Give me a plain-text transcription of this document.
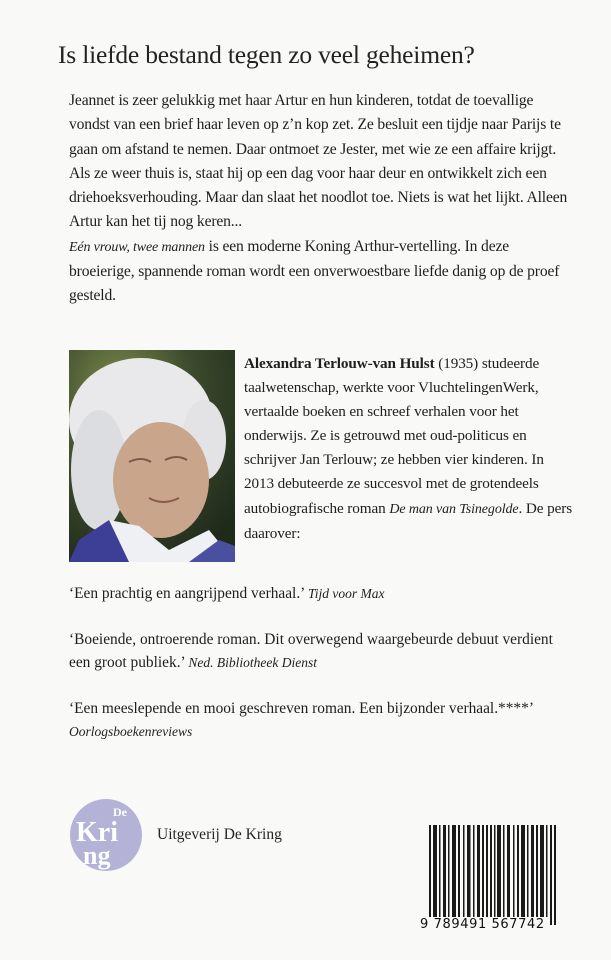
Is liefde bestand tegen zo veel geheimen?

Jeannet is zeer gelukkig met haar Artur en hun kinderen, totdat de toevallige vondst van een brief haar leven op z’n kop zet. Ze besluit een tijdje naar Parijs te gaan om afstand te nemen. Daar ontmoet ze Jester, met wie ze een affaire krijgt. Als ze weer thuis is, staat hij op een dag voor haar deur en ontwikkelt zich een driehoeksverhouding. Maar dan slaat het noodlot toe. Niets is wat het lijkt. Alleen Artur kan het tij nog keren...

Eén vrouw, twee mannen is een moderne Koning Arthur-vertelling. In deze broeierige, spannende roman wordt een onverwoestbare liefde danig op de proef gesteld.

Alexandra Terlouw-van Hulst (1935) studeerde taalwetenschap, werkte voor VluchtelingenWerk, vertaalde boeken en schreef verhalen voor het onderwijs. Ze is getrouwd met oud-politicus en schrijver Jan Terlouw; ze hebben vier kinderen. In 2013 debuteerde ze succesvol met de grotendeels autobiografische roman De man van Tsinegolde. De pers daarover:

‘Een prachtig en aangrijpend verhaal.’ Tijd voor Max

‘Boeiende, ontroerende roman. Dit overwegend waargebeurde debuut verdient een groot publiek.’ Ned. Bibliotheek Dienst

‘Een meeslepende en mooi geschreven roman. Een bijzonder verhaal.****’ Oorlogsboekenreviews

De
Kri
ng
Uitgeverij De Kring
9 789491 567742
